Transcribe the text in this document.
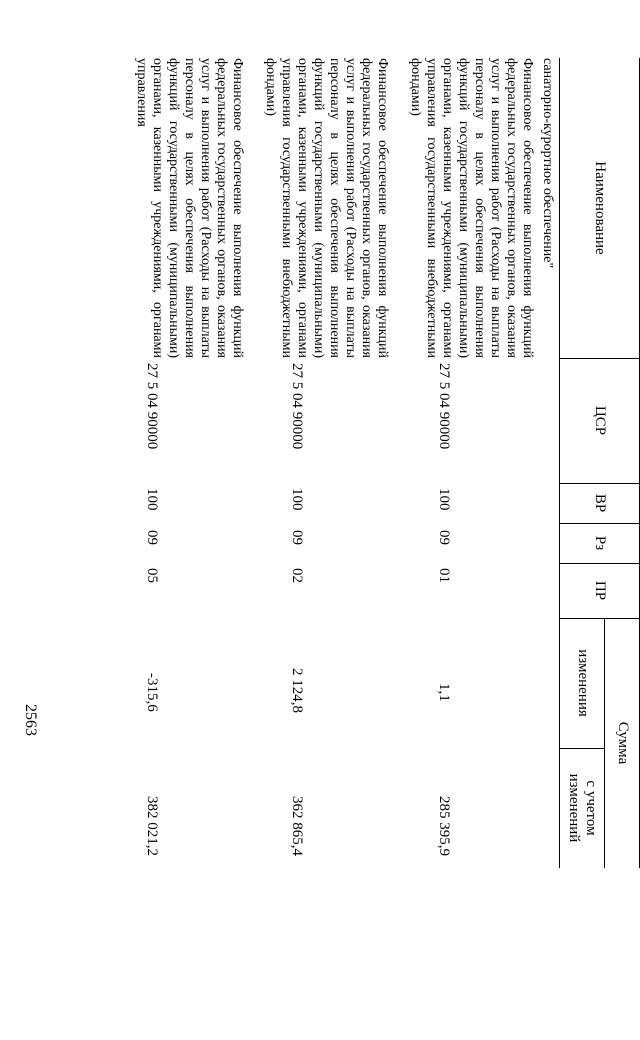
2563
Наименование
ЦСР
ВР
Рз
ПР
Сумма
изменения
с учетом изменений
санаторно-курортное обеспечение"
Финансовое обеспечение выполнения функций федеральных государственных органов, оказания услуг и выполнения работ (Расходы на выплаты персоналу в целях обеспечения выполнения функций государственными (муниципальными) органами, казенными учреждениями, органами управления государственными внебюджетными фондами)
27 5 04 90000
100
09
01
1,1
285 395,9
Финансовое обеспечение выполнения функций федеральных государственных органов, оказания услуг и выполнения работ (Расходы на выплаты персоналу в целях обеспечения выполнения функций государственными (муниципальными) органами, казенными учреждениями, органами управления государственными внебюджетными фондами)
27 5 04 90000
100
09
02
2 124,8
362 865,4
Финансовое обеспечение выполнения функций федеральных государственных органов, оказания услуг и выполнения работ (Расходы на выплаты персоналу в целях обеспечения выполнения функций государственными (муниципальными) органами, казенными учреждениями, органами управления
27 5 04 90000
100
09
05
-315,6
382 021,2
